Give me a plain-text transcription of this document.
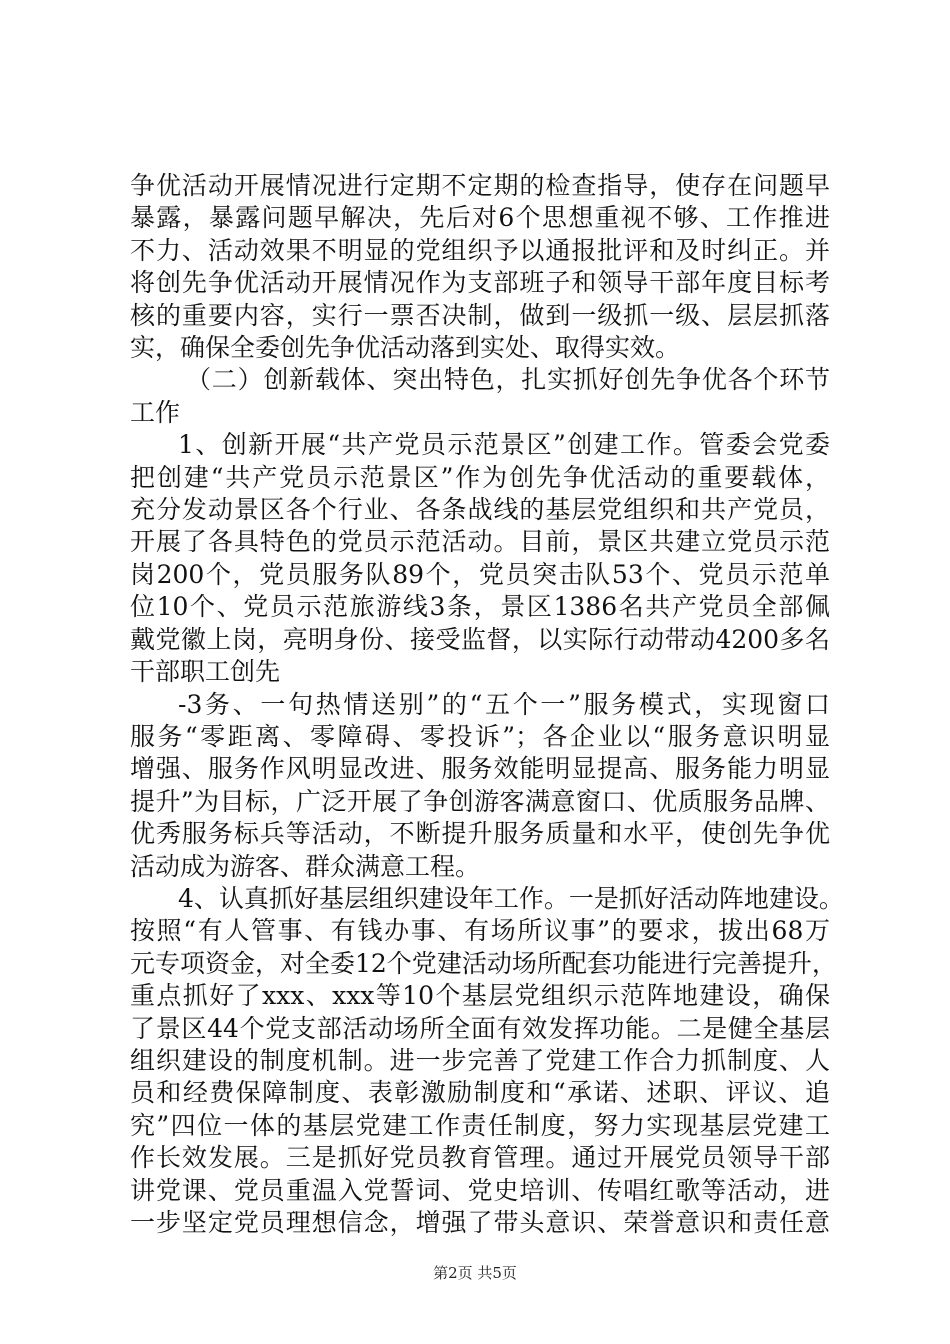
争优活动开展情况进行定期不定期的检查指导，使存在问题早
暴露，暴露问题早解决，先后对6个思想重视不够、工作推进
不力、活动效果不明显的党组织予以通报批评和及时纠正。并
将创先争优活动开展情况作为支部班子和领导干部年度目标考
核的重要内容，实行一票否决制，做到一级抓一级、层层抓落
实，确保全委创先争优活动落到实处、取得实效。
（二）创新载体、突出特色，扎实抓好创先争优各个环节
工作
1、创新开展“共产党员示范景区”创建工作。管委会党委
把创建“共产党员示范景区”作为创先争优活动的重要载体，
充分发动景区各个行业、各条战线的基层党组织和共产党员，
开展了各具特色的党员示范活动。目前，景区共建立党员示范
岗200个，党员服务队89个，党员突击队53个、党员示范单
位10个、党员示范旅游线3条，景区1386名共产党员全部佩
戴党徽上岗，亮明身份、接受监督，以实际行动带动4200多名
干部职工创先
-3务、一句热情送别”的“五个一”服务模式，实现窗口
服务“零距离、零障碍、零投诉”；各企业以“服务意识明显
增强、服务作风明显改进、服务效能明显提高、服务能力明显
提升”为目标，广泛开展了争创游客满意窗口、优质服务品牌、
优秀服务标兵等活动，不断提升服务质量和水平，使创先争优
活动成为游客、群众满意工程。
4、认真抓好基层组织建设年工作。一是抓好活动阵地建设。
按照“有人管事、有钱办事、有场所议事”的要求，拔出68万
元专项资金，对全委12个党建活动场所配套功能进行完善提升，
重点抓好了xxx、xxx等10个基层党组织示范阵地建设，确保
了景区44个党支部活动场所全面有效发挥功能。二是健全基层
组织建设的制度机制。进一步完善了党建工作合力抓制度、人
员和经费保障制度、表彰激励制度和“承诺、述职、评议、追
究”四位一体的基层党建工作责任制度，努力实现基层党建工
作长效发展。三是抓好党员教育管理。通过开展党员领导干部
讲党课、党员重温入党誓词、党史培训、传唱红歌等活动，进
一步坚定党员理想信念，增强了带头意识、荣誉意识和责任意
第2页 共5页
